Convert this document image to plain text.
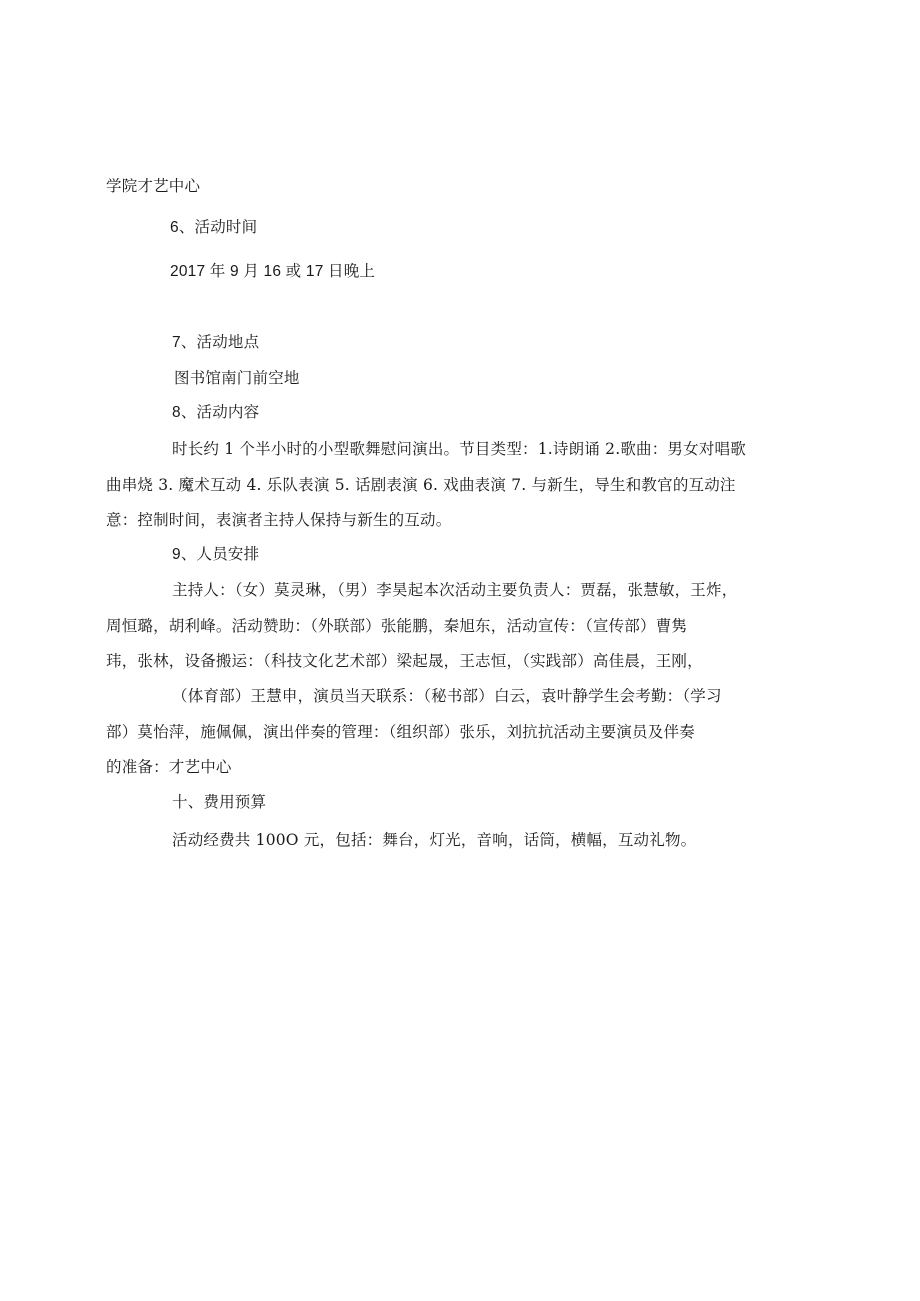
学院才艺中心
6、活动时间
2017 年 9 月 16 或 17 日晚上
7、活动地点
图书馆南门前空地
8、活动内容
时长约 1 个半小时的小型歌舞慰问演出。节目类型：1.诗朗诵 2.歌曲：男女对唱歌
曲串烧 3. 魔术互动 4. 乐队表演 5. 话剧表演 6. 戏曲表演 7. 与新生，导生和教官的互动注
意：控制时间，表演者主持人保持与新生的互动。
9、人员安排
主持人：（女）莫灵琳，（男）李昊起本次活动主要负责人：贾磊，张慧敏，王炸，
周恒璐，胡利峰。活动赞助：（外联部）张能鹏，秦旭东，活动宣传：（宣传部）曹隽
玮，张林，设备搬运：（科技文化艺术部）梁起晟，王志恒，（实践部）高佳晨，王刚，
（体育部）王慧申，演员当天联系：（秘书部）白云，袁叶静学生会考勤：（学习
部）莫怡萍，施佩佩，演出伴奏的管理：（组织部）张乐，刘抗抗活动主要演员及伴奏
的准备：才艺中心
十、费用预算
活动经费共 100O 元，包括：舞台，灯光，音响，话筒，横幅，互动礼物。
